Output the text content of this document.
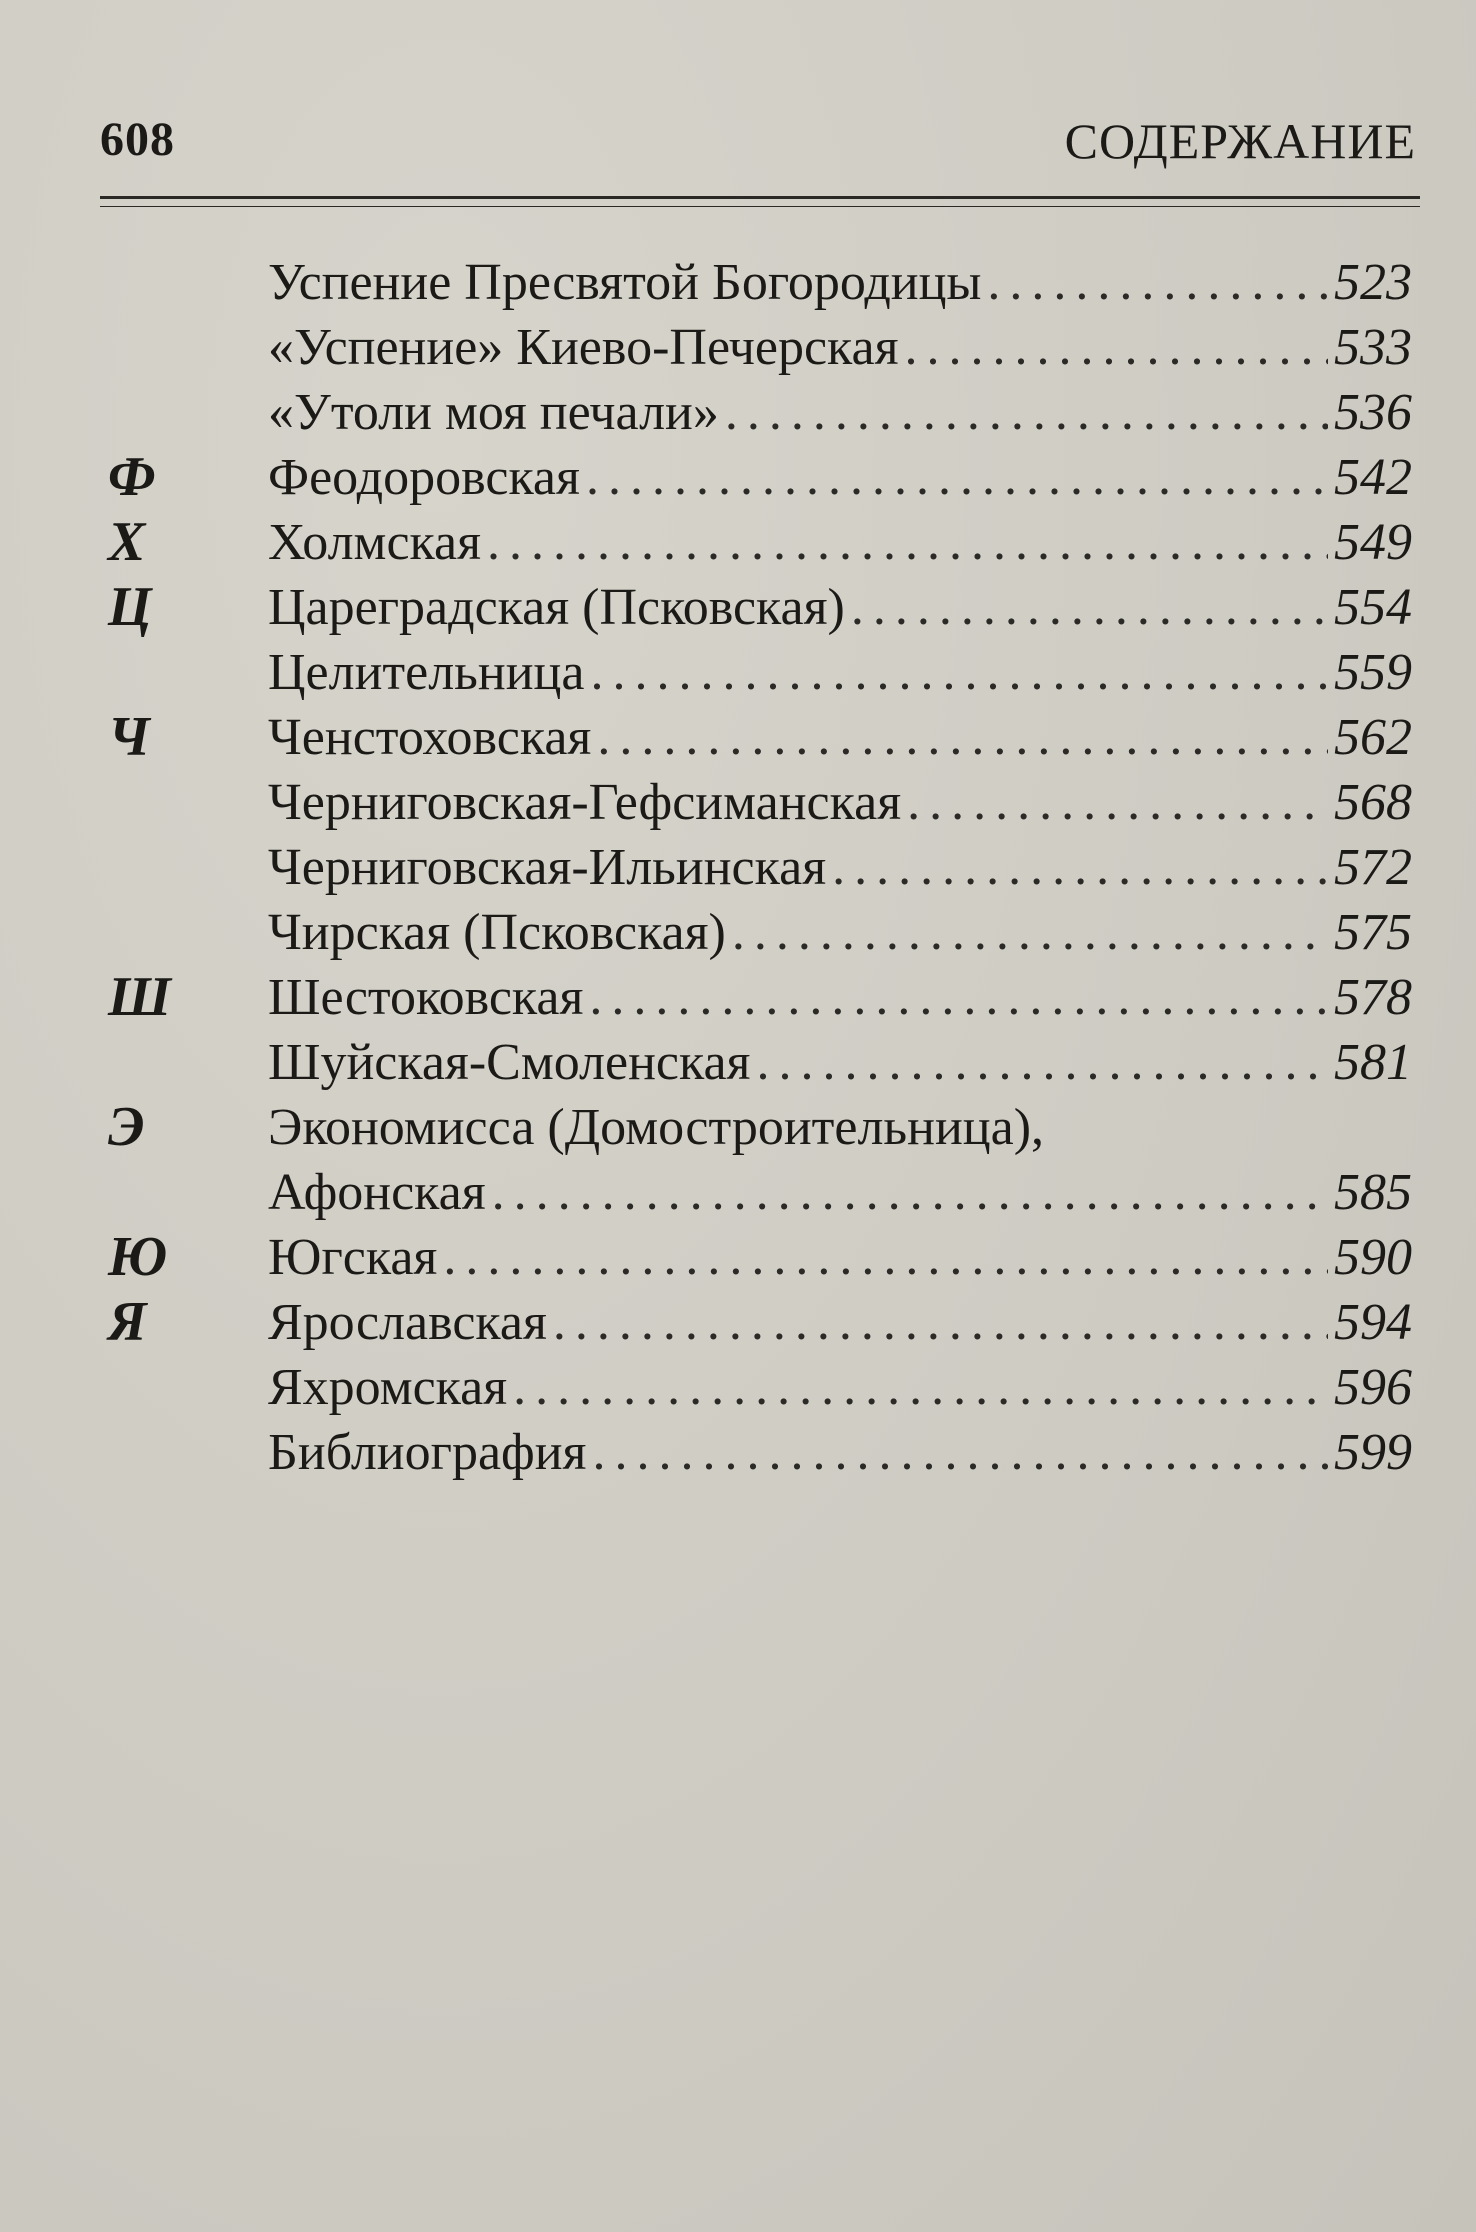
608	СОДЕРЖАНИЕ
Успение Пресвятой Богородицы .....	523
«Успение» Киево-Печерская .....	533
«Утоли моя печали» .....	536
Ф Феодоровская .....	542
Х Холмская .....	549
Ц Цареградская (Псковская) .....	554
Целительница .....	559
Ч Ченстоховская .....	562
Черниговская-Гефсиманская .....	568
Черниговская-Ильинская .....	572
Чирская (Псковская) .....	575
Ш Шестоковская .....	578
Шуйская-Смоленская .....	581
Э Экономисса (Домостроительница),
Афонская .....	585
Ю Югская .....	590
Я Ярославская .....	594
Яхромская .....	596
Библиография .....	599
